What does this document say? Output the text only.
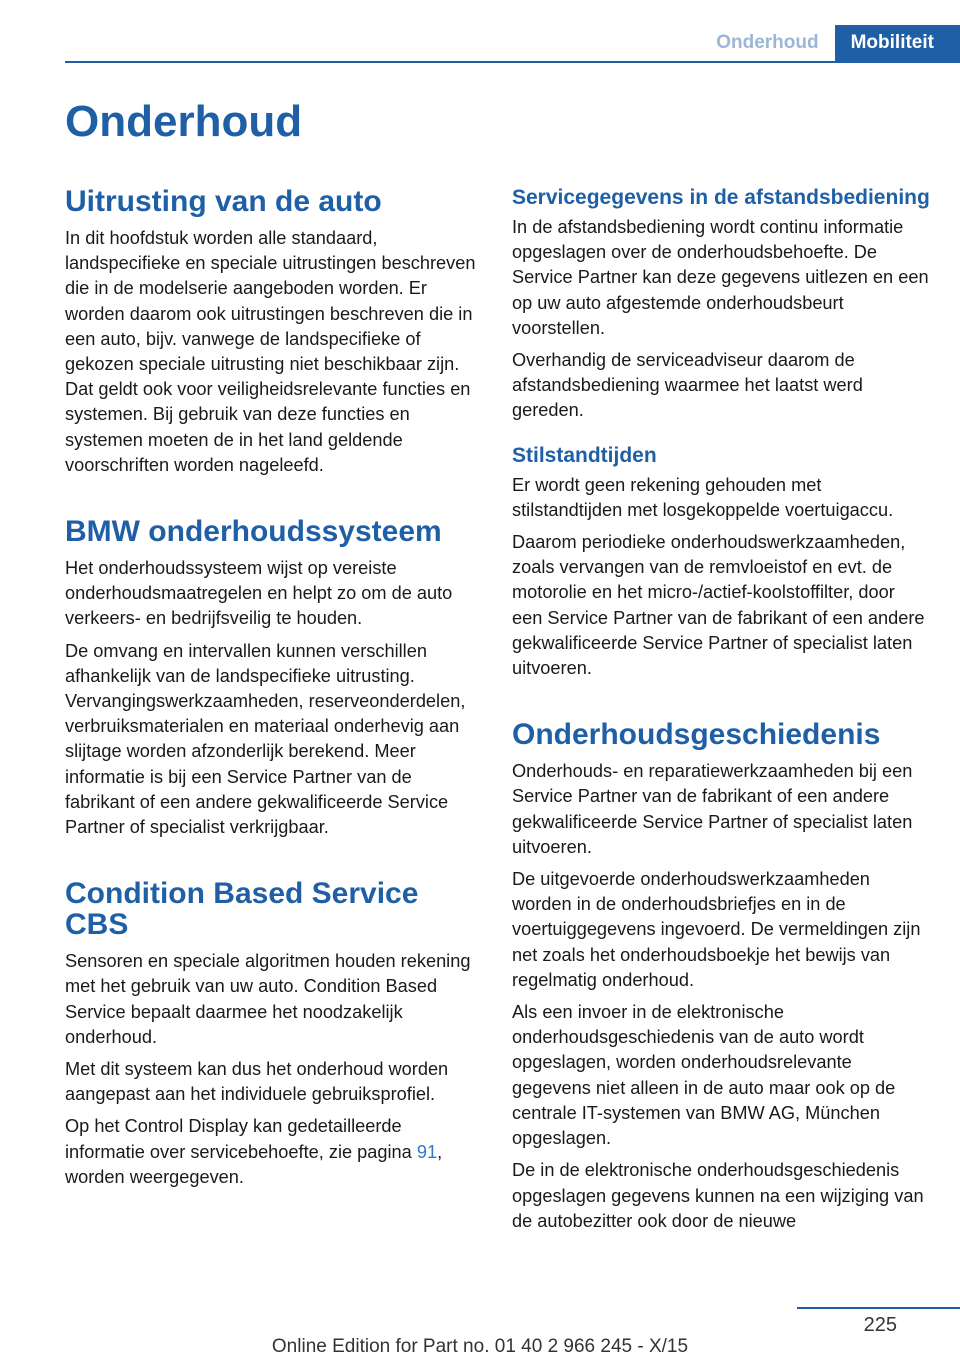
Onderhoud	Mobiliteit
Onderhoud
Uitrusting van de auto

In dit hoofdstuk worden alle standaard, landspecifieke en speciale uitrustingen beschreven die in de modelserie aangeboden worden. Er worden daarom ook uitrustingen beschreven die in een auto, bijv. vanwege de landspecifieke of gekozen speciale uitrusting niet beschikbaar zijn. Dat geldt ook voor veiligheidsrelevante functies en systemen. Bij gebruik van deze functies en systemen moeten de in het land geldende voorschriften worden nageleefd.

BMW onderhoudssysteem

Het onderhoudssysteem wijst op vereiste onderhoudsmaatregelen en helpt zo om de auto verkeers- en bedrijfsveilig te houden.

De omvang en intervallen kunnen verschillen afhankelijk van de landspecifieke uitrusting. Vervangingswerkzaamheden, reserveonderdelen, verbruiksmaterialen en materiaal onderhevig aan slijtage worden afzonderlijk berekend. Meer informatie is bij een Service Partner van de fabrikant of een andere gekwalificeerde Service Partner of specialist verkrijgbaar.

Condition Based Service CBS

Sensoren en speciale algoritmen houden rekening met het gebruik van uw auto. Condition Based Service bepaalt daarmee het noodzakelijk onderhoud.

Met dit systeem kan dus het onderhoud worden aangepast aan het individuele gebruiksprofiel.

Op het Control Display kan gedetailleerde informatie over servicebehoefte, zie pagina 91, worden weergegeven.

Servicegegevens in de afstandsbediening

In de afstandsbediening wordt continu informatie opgeslagen over de onderhoudsbehoefte. De Service Partner kan deze gegevens uitlezen en een op uw auto afgestemde onderhoudsbeurt voorstellen.

Overhandig de serviceadviseur daarom de afstandsbediening waarmee het laatst werd gereden.

Stilstandtijden

Er wordt geen rekening gehouden met stilstandtijden met losgekoppelde voertuigaccu.

Daarom periodieke onderhoudswerkzaamheden, zoals vervangen van de remvloeistof en evt. de motorolie en het micro-/actief-koolstoffilter, door een Service Partner van de fabrikant of een andere gekwalificeerde Service Partner of specialist laten uitvoeren.

Onderhoudsgeschiedenis

Onderhouds- en reparatiewerkzaamheden bij een Service Partner van de fabrikant of een andere gekwalificeerde Service Partner of specialist laten uitvoeren.

De uitgevoerde onderhoudswerkzaamheden worden in de onderhoudsbriefjes en in de voertuiggegevens ingevoerd. De vermeldingen zijn net zoals het onderhoudsboekje het bewijs van regelmatig onderhoud.

Als een invoer in de elektronische onderhoudsgeschiedenis van de auto wordt opgeslagen, worden onderhoudsrelevante gegevens niet alleen in de auto maar ook op de centrale IT-systemen van BMW AG, München opgeslagen.

De in de elektronische onderhoudsgeschiedenis opgeslagen gegevens kunnen na een wijziging van de autobezitter ook door de nieuwe

225
Online Edition for Part no. 01 40 2 966 245 - X/15
